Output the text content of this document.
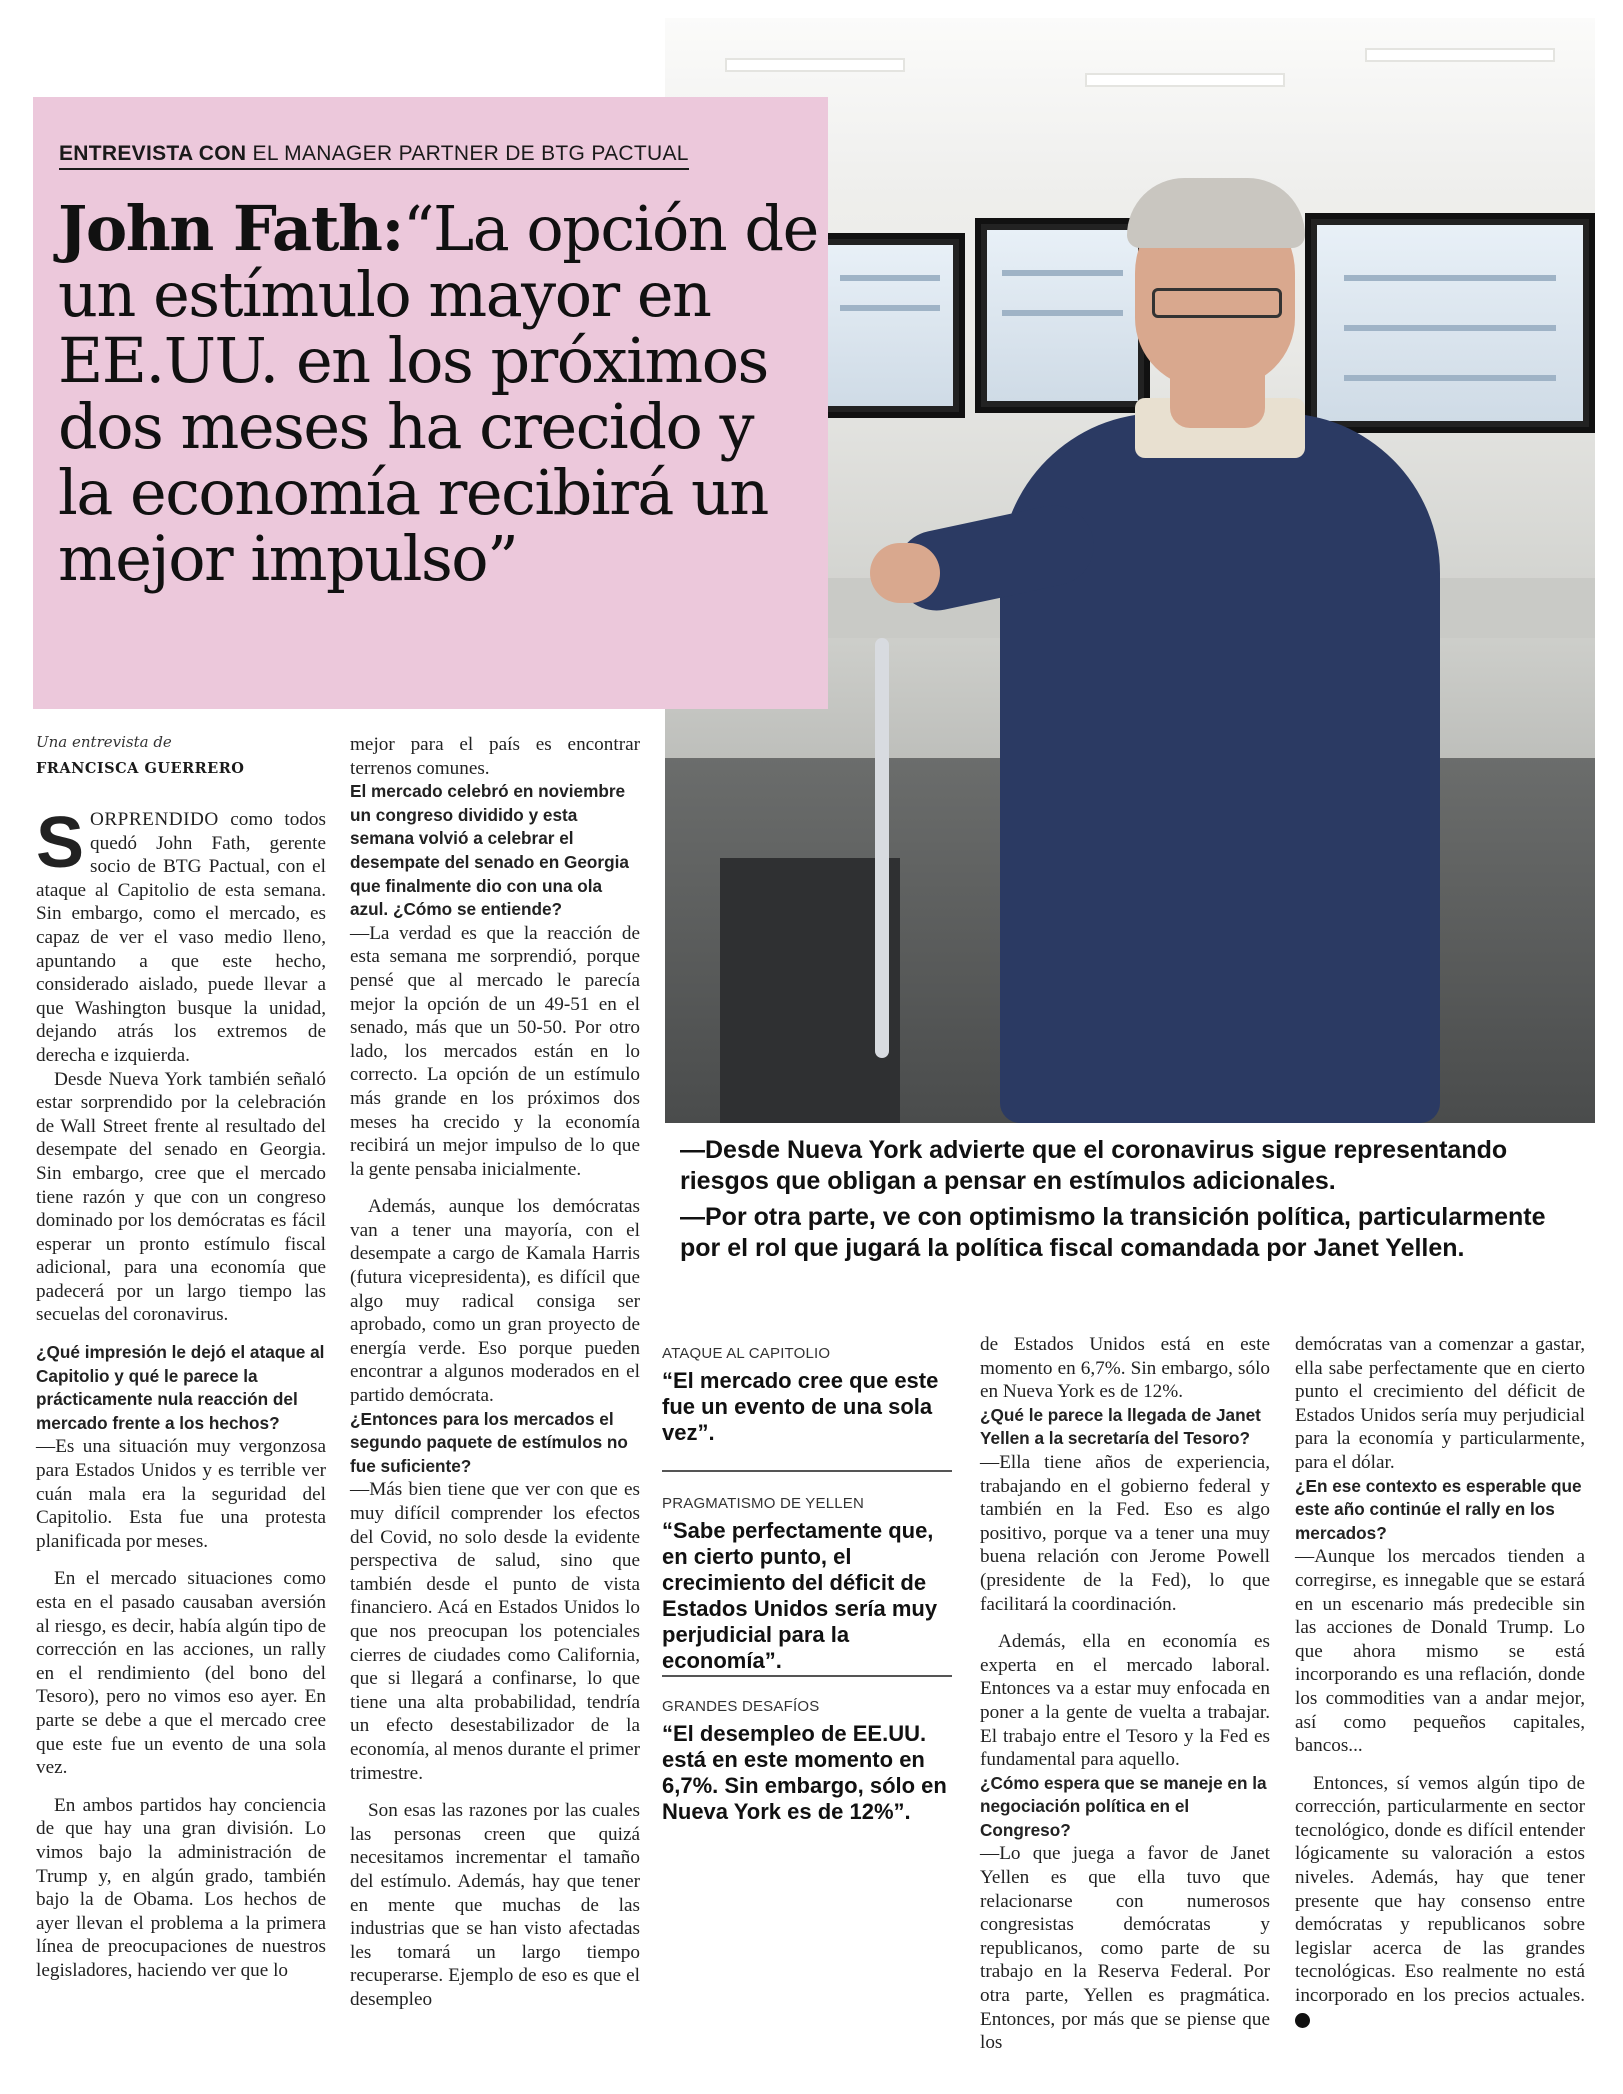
ENTREVISTA CON EL MANAGER PARTNER DE BTG PACTUAL
John Fath:“La opción de un estímulo mayor en EE.UU. en los próximos dos meses ha crecido y la economía recibirá un mejor impulso”
Una entrevista de
FRANCISCA GUERRERO

SORPRENDIDO como todos quedó John Fath, gerente socio de BTG Pactual, con el ataque al Capitolio de esta semana. Sin embargo, como el mercado, es capaz de ver el vaso medio lleno, apuntando a que este hecho, considerado aislado, puede llevar a que Washington busque la unidad, dejando atrás los extremos de derecha e izquierda.

Desde Nueva York también señaló estar sorprendido por la celebración de Wall Street frente al resultado del desempate del senado en Georgia. Sin embargo, cree que el mercado tiene razón y que con un congreso dominado por los demócratas es fácil esperar un pronto estímulo fiscal adicional, para una economía que padecerá por un largo tiempo las secuelas del coronavirus.

¿Qué impresión le dejó el ataque al Capitolio y qué le parece la prácticamente nula reacción del mercado frente a los hechos?

—Es una situación muy vergonzosa para Estados Unidos y es terrible ver cuán mala era la seguridad del Capitolio. Esta fue una protesta planificada por meses.

En el mercado situaciones como esta en el pasado causaban aversión al riesgo, es decir, había algún tipo de corrección en las acciones, un rally en el rendimiento (del bono del Tesoro), pero no vimos eso ayer. En parte se debe a que el mercado cree que este fue un evento de una sola vez.

En ambos partidos hay conciencia de que hay una gran división. Lo vimos bajo la administración de Trump y, en algún grado, también bajo la de Obama. Los hechos de ayer llevan el problema a la primera línea de preocupaciones de nuestros legisladores, haciendo ver que lo

mejor para el país es encontrar terrenos comunes.

El mercado celebró en noviembre un congreso dividido y esta semana volvió a celebrar el desempate del senado en Georgia que finalmente dio con una ola azul. ¿Cómo se entiende?

—La verdad es que la reacción de esta semana me sorprendió, porque pensé que al mercado le parecía mejor la opción de un 49-51 en el senado, más que un 50-50. Por otro lado, los mercados están en lo correcto. La opción de un estímulo más grande en los próximos dos meses ha crecido y la economía recibirá un mejor impulso de lo que la gente pensaba inicialmente.

Además, aunque los demócratas van a tener una mayoría, con el desempate a cargo de Kamala Harris (futura vicepresidenta), es difícil que algo muy radical consiga ser aprobado, como un gran proyecto de energía verde. Eso porque pueden encontrar a algunos moderados en el partido demócrata.

¿Entonces para los mercados el segundo paquete de estímulos no fue suficiente?

—Más bien tiene que ver con que es muy difícil comprender los efectos del Covid, no solo desde la evidente perspectiva de salud, sino que también desde el punto de vista financiero. Acá en Estados Unidos lo que nos preocupan los potenciales cierres de ciudades como California, que si llegará a confinarse, lo que tiene una alta probabilidad, tendría un efecto desestabilizador de la economía, al menos durante el primer trimestre.

Son esas las razones por las cuales las personas creen que quizá necesitamos incrementar el tamaño del estímulo. Además, hay que tener en mente que muchas de las industrias que se han visto afectadas les tomará un largo tiempo recuperarse. Ejemplo de eso es que el desempleo

—Desde Nueva York advierte que el coronavirus sigue representando riesgos que obligan a pensar en estímulos adicionales.

—Por otra parte, ve con optimismo la transición política, particularmente por el rol que jugará la política fiscal comandada por Janet Yellen.

ATAQUE AL CAPITOLIO
“El mercado cree que este fue un evento de una sola vez”.
PRAGMATISMO DE YELLEN
“Sabe perfectamente que, en cierto punto, el crecimiento del déficit de Estados Unidos sería muy perjudicial para la economía”.
GRANDES DESAFÍOS
“El desempleo de EE.UU. está en este momento en 6,7%. Sin embargo, sólo en Nueva York es de 12%”.

de Estados Unidos está en este momento en 6,7%. Sin embargo, sólo en Nueva York es de 12%.

¿Qué le parece la llegada de Janet Yellen a la secretaría del Tesoro?

—Ella tiene años de experiencia, trabajando en el gobierno federal y también en la Fed. Eso es algo positivo, porque va a tener una muy buena relación con Jerome Powell (presidente de la Fed), lo que facilitará la coordinación.

Además, ella en economía es experta en el mercado laboral. Entonces va a estar muy enfocada en poner a la gente de vuelta a trabajar. El trabajo entre el Tesoro y la Fed es fundamental para aquello.

¿Cómo espera que se maneje en la negociación política en el Congreso?

—Lo que juega a favor de Janet Yellen es que ella tuvo que relacionarse con numerosos congresistas demócratas y republicanos, como parte de su trabajo en la Reserva Federal. Por otra parte, Yellen es pragmática. Entonces, por más que se piense que los

demócratas van a comenzar a gastar, ella sabe perfectamente que en cierto punto el crecimiento del déficit de Estados Unidos sería muy perjudicial para la economía y particularmente, para el dólar.

¿En ese contexto es esperable que este año continúe el rally en los mercados?

—Aunque los mercados tienden a corregirse, es innegable que se estará en un escenario más predecible sin las acciones de Donald Trump. Lo que ahora mismo se está incorporando es una reflación, donde los commodities van a andar mejor, así como pequeños capitales, bancos...

Entonces, sí vemos algún tipo de corrección, particularmente en sector tecnológico, donde es difícil entender lógicamente su valoración a estos niveles. Además, hay que tener presente que hay consenso entre demócratas y republicanos sobre legislar acerca de las grandes tecnológicas. Eso realmente no está incorporado en los precios actuales. P
